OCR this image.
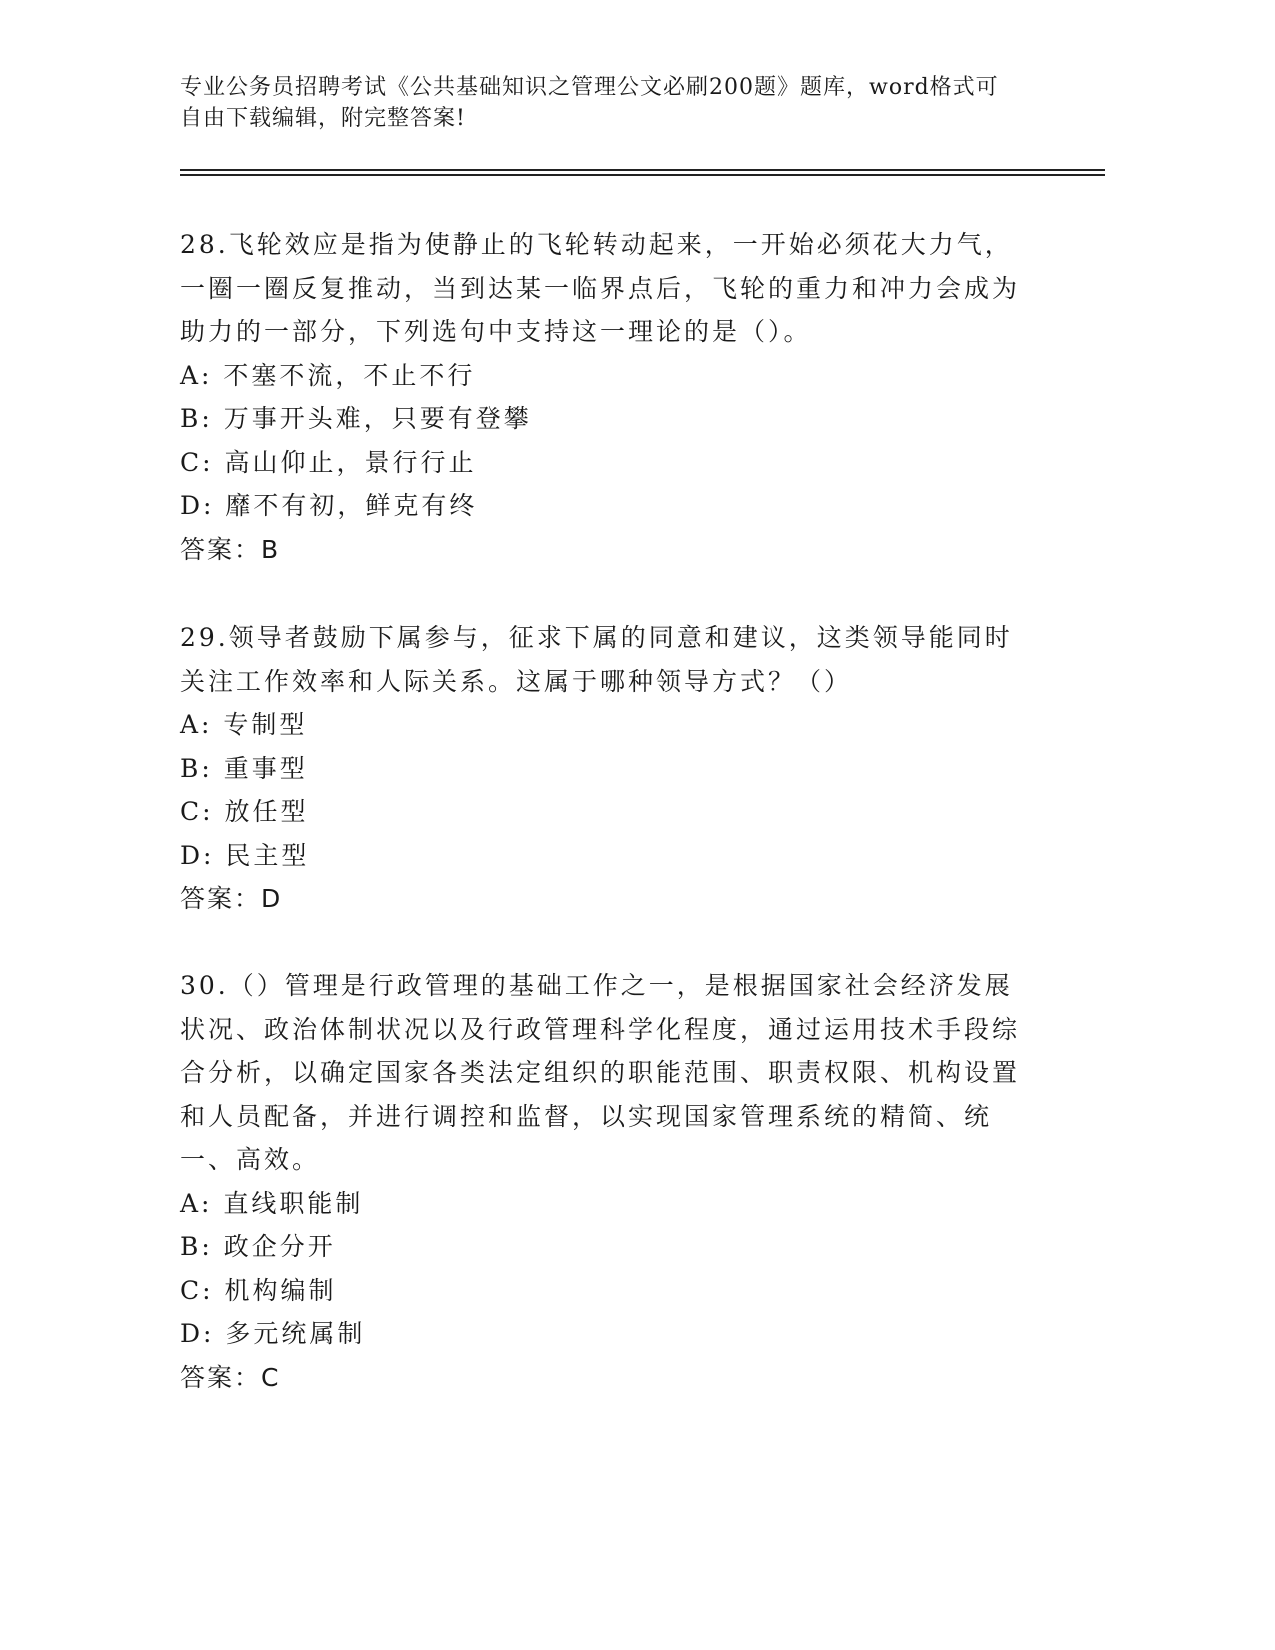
专业公务员招聘考试《公共基础知识之管理公文必刷200题》题库，word格式可
自由下载编辑，附完整答案!
28.飞轮效应是指为使静止的飞轮转动起来，一开始必须花大力气，一圈一圈反复推动，当到达某一临界点后，飞轮的重力和冲力会成为助力的一部分，下列选句中支持这一理论的是（）。
A: 不塞不流，不止不行
B: 万事开头难，只要有登攀
C: 高山仰止，景行行止
D: 靡不有初，鲜克有终
答案：B
29.领导者鼓励下属参与，征求下属的同意和建议，这类领导能同时关注工作效率和人际关系。这属于哪种领导方式？（）
A: 专制型
B: 重事型
C: 放任型
D: 民主型
答案：D
30.（）管理是行政管理的基础工作之一，是根据国家社会经济发展状况、政治体制状况以及行政管理科学化程度，通过运用技术手段综合分析，以确定国家各类法定组织的职能范围、职责权限、机构设置和人员配备，并进行调控和监督，以实现国家管理系统的精简、统一、高效。
A: 直线职能制
B: 政企分开
C: 机构编制
D: 多元统属制
答案：C
